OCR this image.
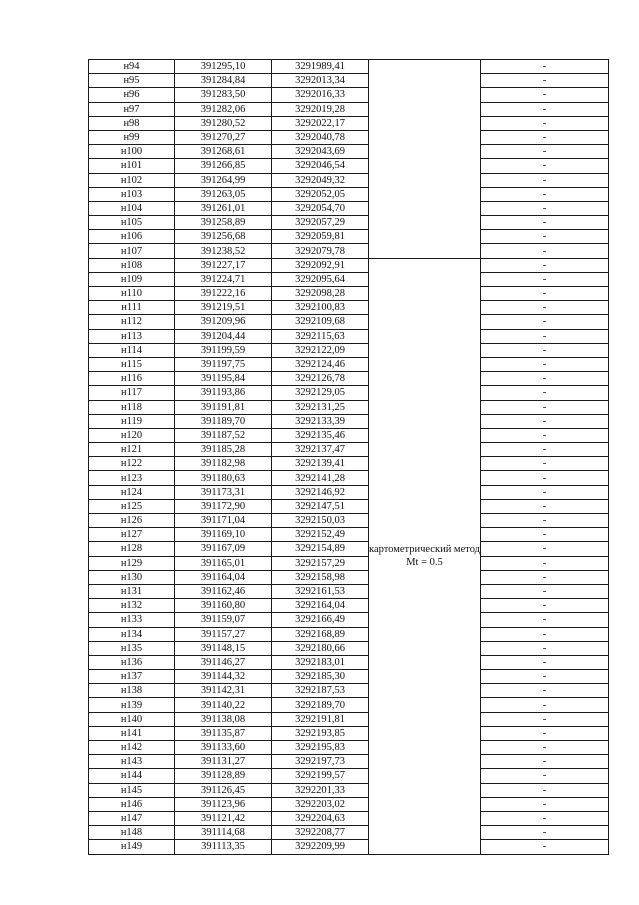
н94	391295,10	3291989,41		-
н95	391284,84	3292013,34		-
н96	391283,50	3292016,33		-
н97	391282,06	3292019,28		-
н98	391280,52	3292022,17		-
н99	391270,27	3292040,78		-
н100	391268,61	3292043,69		-
н101	391266,85	3292046,54		-
н102	391264,99	3292049,32		-
н103	391263,05	3292052,05		-
н104	391261,01	3292054,70		-
н105	391258,89	3292057,29		-
н106	391256,68	3292059,81		-
н107	391238,52	3292079,78		-
н108	391227,17	3292092,91	картометрический метод Mt = 0.5	-
н109	391224,71	3292095,64		-
н110	391222,16	3292098,28		-
н111	391219,51	3292100,83		-
н112	391209,96	3292109,68		-
н113	391204,44	3292115,63		-
н114	391199,59	3292122,09		-
н115	391197,75	3292124,46		-
н116	391195,84	3292126,78		-
н117	391193,86	3292129,05		-
н118	391191,81	3292131,25		-
н119	391189,70	3292133,39		-
н120	391187,52	3292135,46		-
н121	391185,28	3292137,47		-
н122	391182,98	3292139,41		-
н123	391180,63	3292141,28		-
н124	391173,31	3292146,92		-
н125	391172,90	3292147,51		-
н126	391171,04	3292150,03		-
н127	391169,10	3292152,49		-
н128	391167,09	3292154,89		-
н129	391165,01	3292157,29		-
н130	391164,04	3292158,98		-
н131	391162,46	3292161,53		-
н132	391160,80	3292164,04		-
н133	391159,07	3292166,49		-
н134	391157,27	3292168,89		-
н135	391148,15	3292180,66		-
н136	391146,27	3292183,01		-
н137	391144,32	3292185,30		-
н138	391142,31	3292187,53		-
н139	391140,22	3292189,70		-
н140	391138,08	3292191,81		-
н141	391135,87	3292193,85		-
н142	391133,60	3292195,83		-
н143	391131,27	3292197,73		-
н144	391128,89	3292199,57		-
н145	391126,45	3292201,33		-
н146	391123,96	3292203,02		-
н147	391121,42	3292204,63		-
н148	391114,68	3292208,77		-
н149	391113,35	3292209,99		-
